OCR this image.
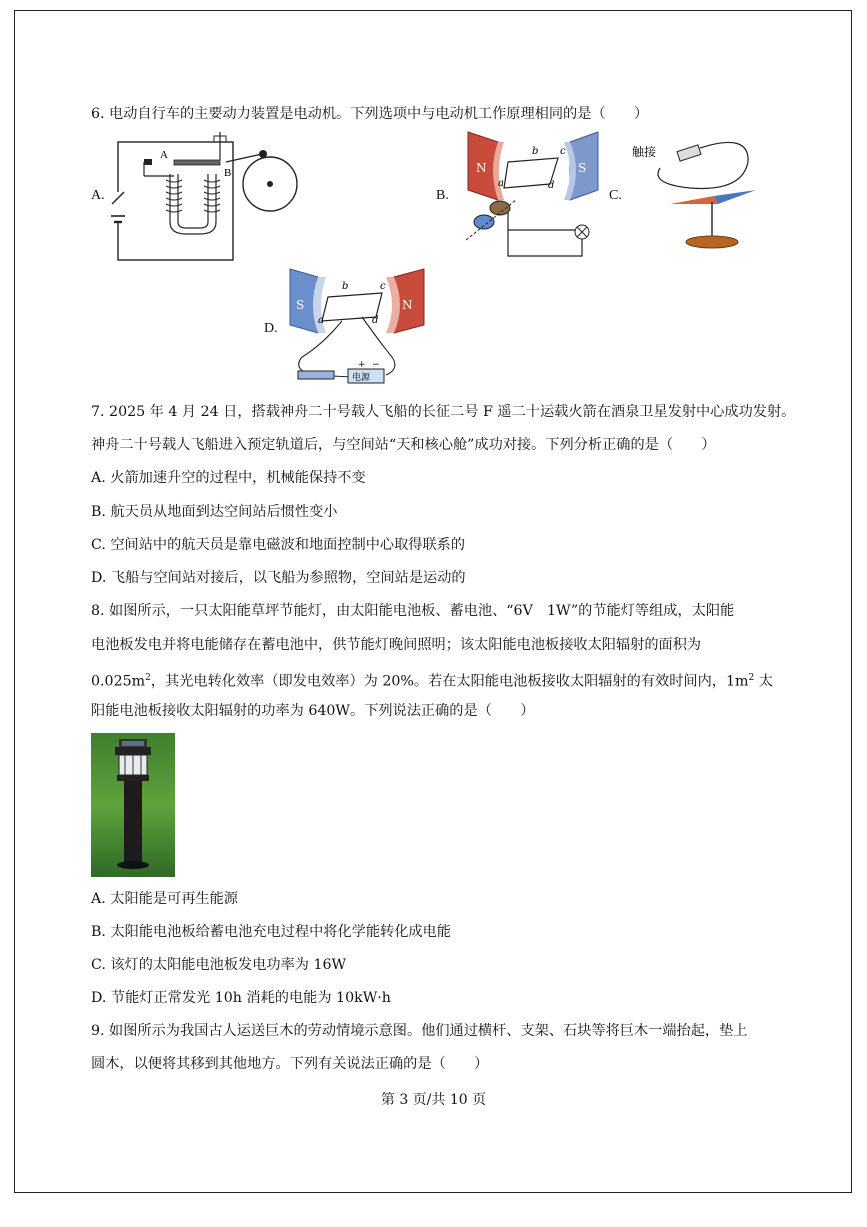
6. 电动自行车的主要动力装置是电动机。下列选项中与电动机工作原理相同的是（　　）
A.
A
B
B.
N	S
b c
d
a
C.
触接
D.
S	N
b	c
d
a
电源
+ −
7. 2025 年 4 月 24 日，搭载神舟二十号载人飞船的长征二号 F 遥二十运载火箭在酒泉卫星发射中心成功发射。
神舟二十号载人飞船进入预定轨道后，与空间站“天和核心舱”成功对接。下列分析正确的是（　　）
A. 火箭加速升空的过程中，机械能保持不变
B. 航天员从地面到达空间站后惯性变小
C. 空间站中的航天员是靠电磁波和地面控制中心取得联系的
D. 飞船与空间站对接后，以飞船为参照物，空间站是运动的
8. 如图所示，一只太阳能草坪节能灯，由太阳能电池板、蓄电池、“6V　1W”的节能灯等组成，太阳能
电池板发电并将电能储存在蓄电池中，供节能灯晚间照明；该太阳能电池板接收太阳辐射的面积为
$0.025m^2$，其光电转化效率（即发电效率）为 20%。若在太阳能电池板接收太阳辐射的有效时间内，$1m^2$ 太
阳能电池板接收太阳辐射的功率为 640W。下列说法正确的是（　　）
A. 太阳能是可再生能源
B. 太阳能电池板给蓄电池充电过程中将化学能转化成电能
C. 该灯的太阳能电池板发电功率为 16W
D. 节能灯正常发光 10h 消耗的电能为 10kW·h
9. 如图所示为我国古人运送巨木的劳动情境示意图。他们通过横杆、支架、石块等将巨木一端抬起，垫上
圆木，以便将其移到其他地方。下列有关说法正确的是（　　）
第 3 页/共 10 页
